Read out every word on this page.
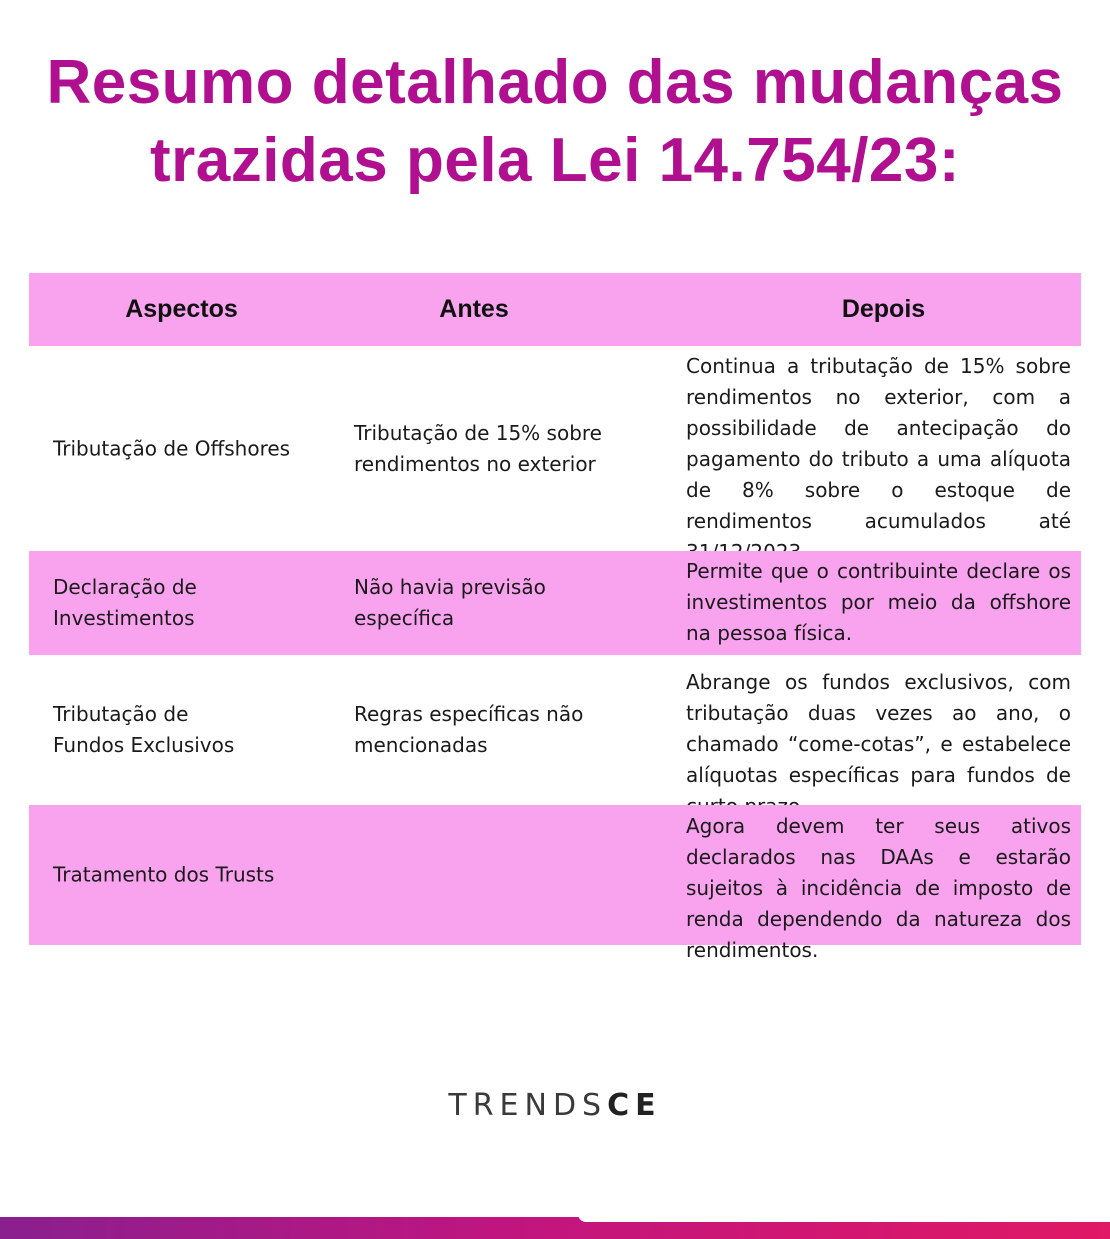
Resumo detalhado das mudanças
trazidas pela Lei 14.754/23:
Aspectos	Antes	Depois
Tributação de Offshores
Tributação de 15% sobre rendimentos no exterior
Continua a tributação de 15% sobre rendimentos no exterior, com a possibilidade de antecipação do pagamento do tributo a uma alíquota de 8% sobre o estoque de rendimentos acumulados até
Declaração de Investimentos
Não havia previsão específica
Permite que o contribuinte declare os investimentos por meio da offshore na pessoa física.
Tributação de Fundos Exclusivos
Regras específicas não mencionadas
Abrange os fundos exclusivos, com tributação duas vezes ao ano, o chamado “come-cotas”, e estabelece alíquotas específicas para fundos de
Tratamento dos Trusts
Agora devem ter seus ativos declarados nas DAAs e estarão sujeitos à incidência de imposto de renda dependendo da natureza dos rendimentos.
TRENDSCE
